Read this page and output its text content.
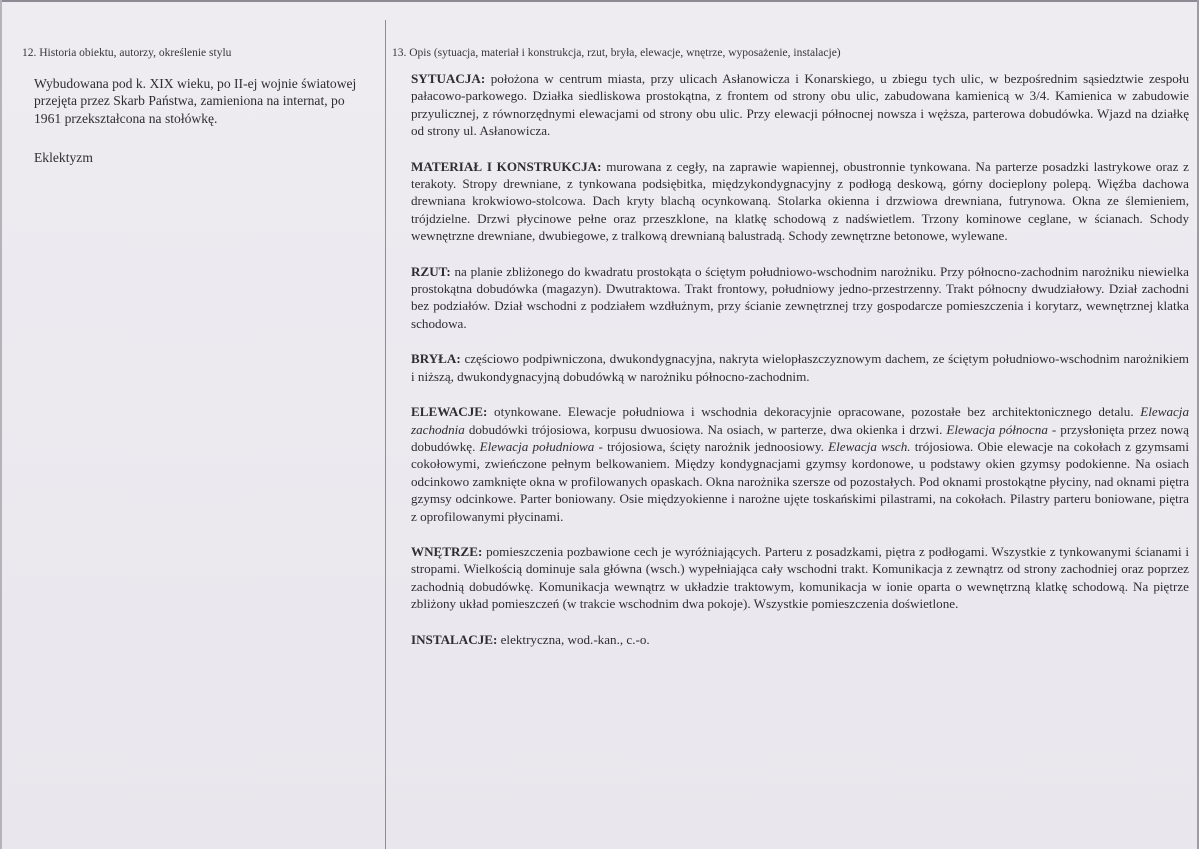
12. Historia obiektu, autorzy, określenie stylu

Wybudowana pod k. XIX wieku, po II-ej wojnie światowej przejęta przez Skarb Państwa, zamieniona na internat, po 1961 przekształcona na stołówkę.

Eklektyzm

13. Opis (sytuacja, materiał i konstrukcja, rzut, bryła, elewacje, wnętrze, wyposażenie, instalacje)

SYTUACJA: położona w centrum miasta, przy ulicach Asłanowicza i Konarskiego, u zbiegu tych ulic, w bezpośrednim sąsiedztwie zespołu pałacowo-parkowego. Działka siedliskowa prostokątna, z frontem od strony obu ulic, zabudowana kamienicą w 3/4. Kamienica w zabudowie przyulicznej, z równorzędnymi elewacjami od strony obu ulic. Przy elewacji północnej nowsza i węższa, parterowa dobudówka. Wjazd na działkę od strony ul. Asłanowicza.

MATERIAŁ I KONSTRUKCJA: murowana z cegły, na zaprawie wapiennej, obustronnie tynkowana. Na parterze posadzki lastrykowe oraz z terakoty. Stropy drewniane, z tynkowana podsiębitka, międzykondygnacyjny z podłogą deskową, górny docieplony polepą. Więźba dachowa drewniana krokwiowo-stolcowa. Dach kryty blachą ocynkowaną. Stolarka okienna i drzwiowa drewniana, futrynowa. Okna ze ślemieniem, trójdzielne. Drzwi płycinowe pełne oraz przeszklone, na klatkę schodową z nadświetlem. Trzony kominowe ceglane, w ścianach. Schody wewnętrzne drewniane, dwubiegowe, z tralkową drewnianą balustradą. Schody zewnętrzne betonowe, wylewane.

RZUT: na planie zbliżonego do kwadratu prostokąta o ściętym południowo-wschodnim narożniku. Przy północno-zachodnim narożniku niewielka prostokątna dobudówka (magazyn). Dwutraktowa. Trakt frontowy, południowy jedno-przestrzenny. Trakt północny dwudziałowy. Dział zachodni bez podziałów. Dział wschodni z podziałem wzdłużnym, przy ścianie zewnętrznej trzy gospodarcze pomieszczenia i korytarz, wewnętrznej klatka schodowa.

BRYŁA: częściowo podpiwniczona, dwukondygnacyjna, nakryta wielopłaszczyznowym dachem, ze ściętym południowo-wschodnim narożnikiem i niższą, dwukondygnacyjną dobudówką w narożniku północno-zachodnim.

ELEWACJE: otynkowane. Elewacje południowa i wschodnia dekoracyjnie opracowane, pozostałe bez architektonicznego detalu. Elewacja zachodnia dobudówki trójosiowa, korpusu dwuosiowa. Na osiach, w parterze, dwa okienka i drzwi. Elewacja północna - przysłonięta przez nową dobudówkę. Elewacja południowa - trójosiowa, ścięty narożnik jednoosiowy. Elewacja wsch. trójosiowa. Obie elewacje na cokołach z gzymsami cokołowymi, zwieńczone pełnym belkowaniem. Między kondygnacjami gzymsy kordonowe, u podstawy okien gzymsy podokienne. Na osiach odcinkowo zamknięte okna w profilowanych opaskach. Okna narożnika szersze od pozostałych. Pod oknami prostokątne płyciny, nad oknami piętra gzymsy odcinkowe. Parter boniowany. Osie międzyokienne i narożne ujęte toskańskimi pilastrami, na cokołach. Pilastry parteru boniowane, piętra z oprofilowanymi płycinami.

WNĘTRZE: pomieszczenia pozbawione cech je wyróżniających. Parteru z posadzkami, piętra z podłogami. Wszystkie z tynkowanymi ścianami i stropami. Wielkością dominuje sala główna (wsch.) wypełniająca cały wschodni trakt. Komunikacja z zewnątrz od strony zachodniej oraz poprzez zachodnią dobudówkę. Komunikacja wewnątrz w układzie traktowym, komunikacja w ionie oparta o wewnętrzną klatkę schodową. Na piętrze zbliżony układ pomieszczeń (w trakcie wschodnim dwa pokoje). Wszystkie pomieszczenia doświetlone.

INSTALACJE: elektryczna, wod.-kan., c.-o.
